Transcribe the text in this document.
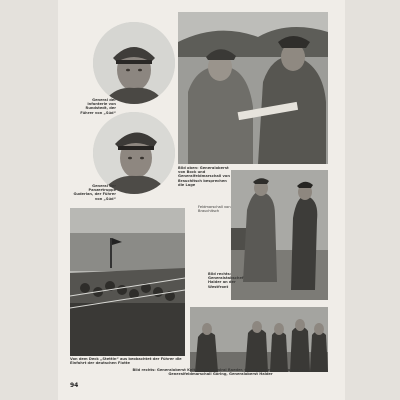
General der Infanterie von Rundstedt, der Führer von „Süd“
General der Panzertruppe Guderian, der Führer von „Süd“
Bild oben: Generaloberst von Bock und Generalfeldmarschall von Brauchitsch besprechen die Lage
Feldmarschall von Brauchitsch
Bild rechts: Generalstabschef Halder an der Westfront
Von dem Deck „Stettin“ aus beobachtet der Führer die Einfahrt der deutschen Flotte
Bild rechts: Generaloberst Keitel, Großadmiral Raeder, Generaloberst von Brauchitsch, Generalfeldmarschall Göring, Generaloberst Halder
94
